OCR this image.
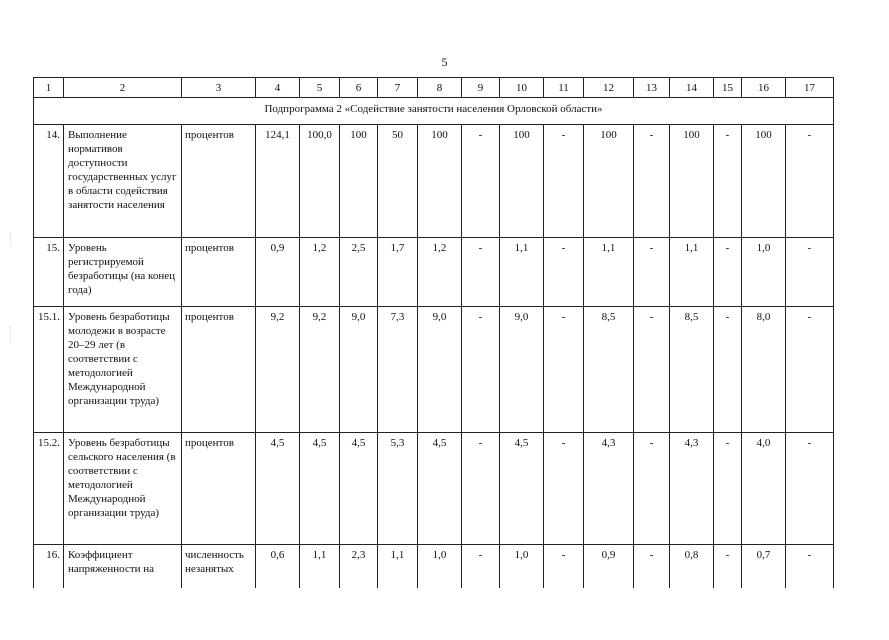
5
1	2	3	4	5	6	7	8	9	10	11	12	13	14	15	16	17
Подпрограмма 2 «Содействие занятости населения Орловской области»																
14.	Выполнение нормативов доступности государственных услуг в области содействия занятости населения	процентов	124,1	100,0	100	50	100	-	100	-	100	-	100	-	100	-
15.	Уровень регистрируемой безработицы (на конец года)	процентов	0,9	1,2	2,5	1,7	1,2	-	1,1	-	1,1	-	1,1	-	1,0	-
15.1.	Уровень безработицы молодежи в возрасте 20–29 лет (в соответствии с методологией Международной организации труда)	процентов	9,2	9,2	9,0	7,3	9,0	-	9,0	-	8,5	-	8,5	-	8,0	-
15.2.	Уровень безработицы сельского населения (в соответствии с методологией Международной организации труда)	процентов	4,5	4,5	4,5	5,3	4,5	-	4,5	-	4,3	-	4,3	-	4,0	-
16.	Коэффициент напряженности на	численность незанятых	0,6	1,1	2,3	1,1	1,0	-	1,0	-	0,9	-	0,8	-	0,7	-
